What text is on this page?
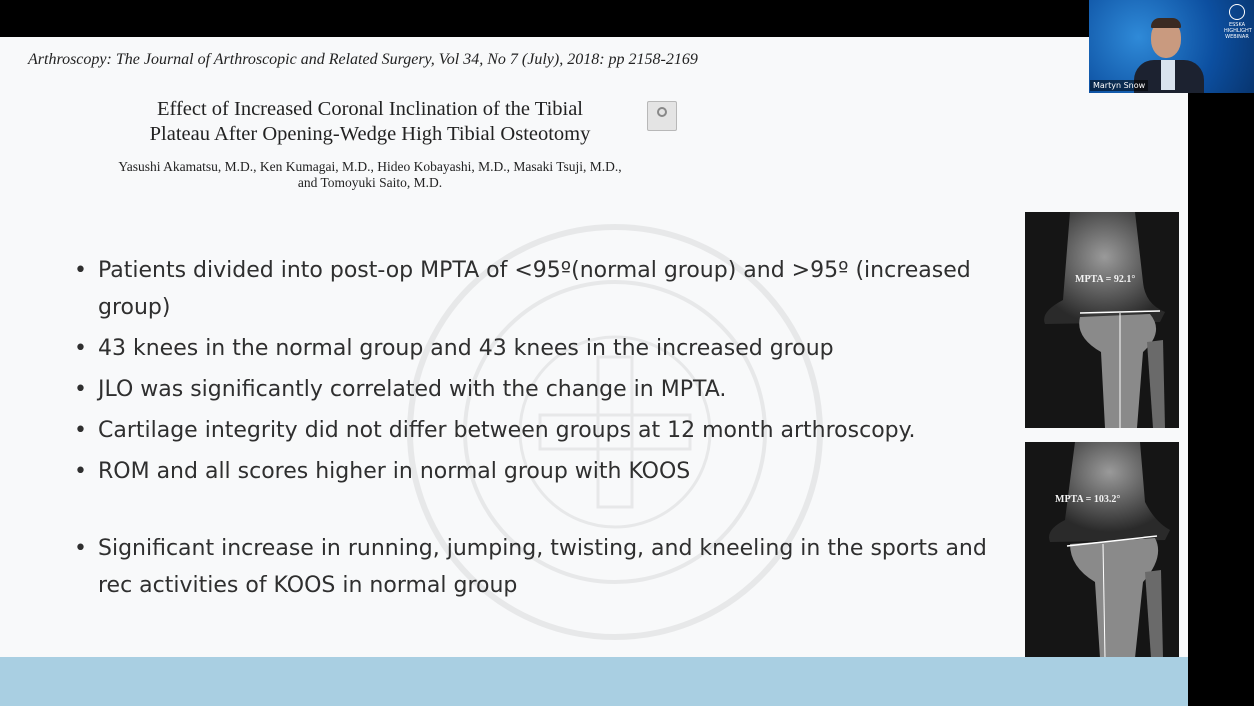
Arthroscopy: The Journal of Arthroscopic and Related Surgery, Vol 34, No 7 (July), 2018: pp 2158-2169
Effect of Increased Coronal Inclination of the Tibial
Plateau After Opening-Wedge High Tibial Osteotomy
Yasushi Akamatsu, M.D., Ken Kumagai, M.D., Hideo Kobayashi, M.D., Masaki Tsuji, M.D.,
and Tomoyuki Saito, M.D.
• Patients divided into post-op MPTA of <95º(normal group) and >95º (increased group)
• 43 knees in the normal group and 43 knees in the increased group
• JLO was significantly correlated with the change in MPTA.
• Cartilage integrity did not differ between groups at 12 month arthroscopy.
• ROM and all scores higher in normal group with KOOS
• Significant increase in running, jumping, twisting, and kneeling in the sports and rec activities of KOOS in normal group
MPTA = 92.1°
MPTA = 103.2°
ESSKA
HIGHLIGHT
WEBINAR
Martyn Snow
